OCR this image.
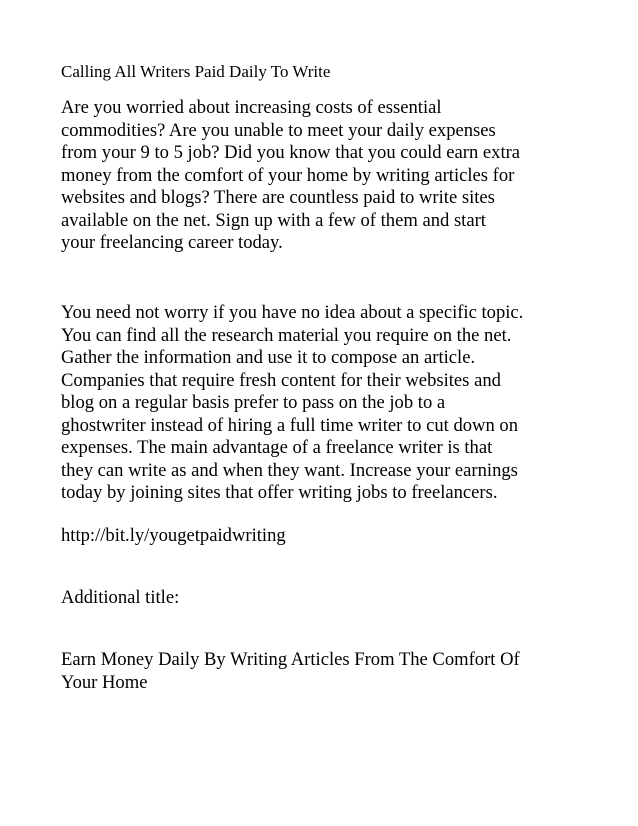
Calling All Writers Paid Daily To Write

Are you worried about increasing costs of essential
commodities? Are you unable to meet your daily expenses
from your 9 to 5 job? Did you know that you could earn extra
money from the comfort of your home by writing articles for
websites and blogs? There are countless paid to write sites
available on the net. Sign up with a few of them and start
your freelancing career today.

You need not worry if you have no idea about a specific topic.
You can find all the research material you require on the net.
Gather the information and use it to compose an article.
Companies that require fresh content for their websites and
blog on a regular basis prefer to pass on the job to a
ghostwriter instead of hiring a full time writer to cut down on
expenses. The main advantage of a freelance writer is that
they can write as and when they want. Increase your earnings
today by joining sites that offer writing jobs to freelancers.

http://bit.ly/yougetpaidwriting

Additional title:

Earn Money Daily By Writing Articles From The Comfort Of
Your Home
